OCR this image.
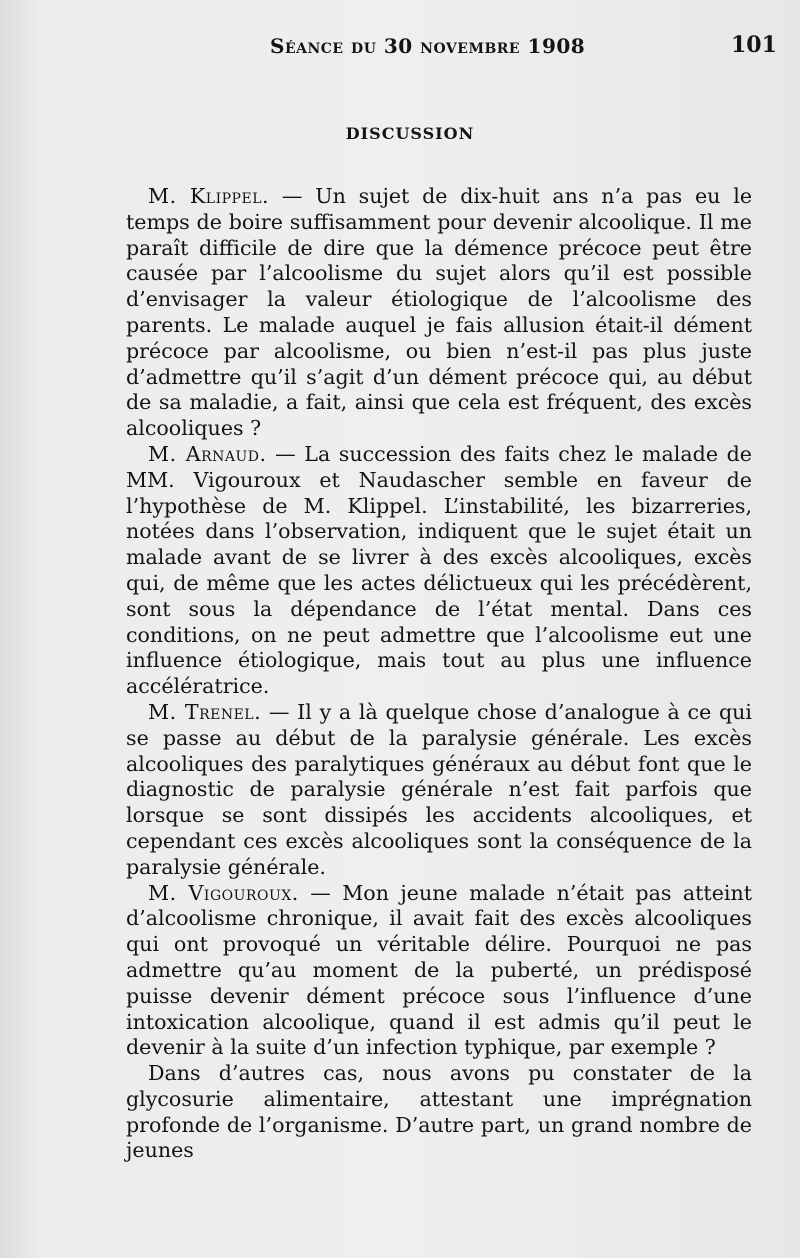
Séance du 30 novembre 1908	101
DISCUSSION

M. Klippel. — Un sujet de dix-huit ans n’a pas eu le temps de boire suffisamment pour devenir alcoolique. Il me paraît difficile de dire que la démence précoce peut être causée par l’alcoolisme du sujet alors qu’il est possible d’envisager la valeur étiologique de l’alcoolisme des parents. Le malade auquel je fais allusion était-il dément précoce par alcoolisme, ou bien n’est-il pas plus juste d’admettre qu’il s’agit d’un dément précoce qui, au début de sa maladie, a fait, ainsi que cela est fréquent, des excès alcooliques ?

M. Arnaud. — La succession des faits chez le malade de MM. Vigouroux et Naudascher semble en faveur de l’hypothèse de M. Klippel. L’instabilité, les bizarreries, notées dans l’observation, indiquent que le sujet était un malade avant de se livrer à des excès alcooliques, excès qui, de même que les actes délictueux qui les précédèrent, sont sous la dépendance de l’état mental. Dans ces conditions, on ne peut admettre que l’alcoolisme eut une influence étiologique, mais tout au plus une influence accélératrice.

M. Trenel. — Il y a là quelque chose d’analogue à ce qui se passe au début de la paralysie générale. Les excès alcooliques des paralytiques généraux au début font que le diagnostic de paralysie générale n’est fait parfois que lorsque se sont dissipés les accidents alcooliques, et cependant ces excès alcooliques sont la conséquence de la paralysie générale.

M. Vigouroux. — Mon jeune malade n’était pas atteint d’alcoolisme chronique, il avait fait des excès alcooliques qui ont provoqué un véritable délire. Pourquoi ne pas admettre qu’au moment de la puberté, un prédisposé puisse devenir dément précoce sous l’influence d’une intoxication alcoolique, quand il est admis qu’il peut le devenir à la suite d’un infection typhique, par exemple ?

Dans d’autres cas, nous avons pu constater de la glycosurie alimentaire, attestant une imprégnation profonde de l’organisme. D’autre part, un grand nombre de jeunes
